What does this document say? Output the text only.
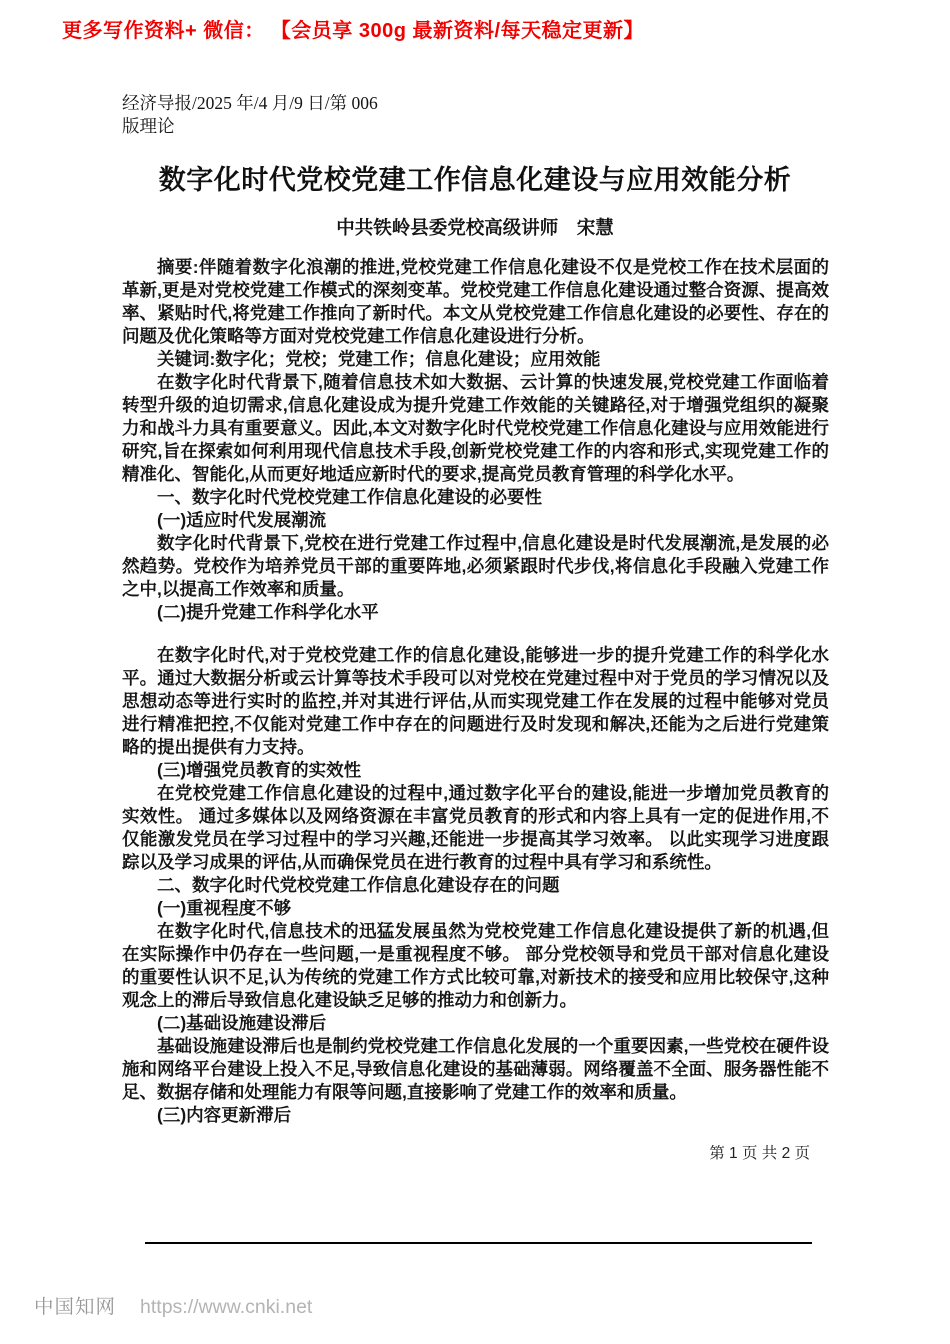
更多写作资料+ 微信： 【会员享 300g 最新资料/每天稳定更新】
经济导报/2025 年/4 月/9 日/第 006
版理论
数字化时代党校党建工作信息化建设与应用效能分析
中共铁岭县委党校高级讲师　宋慧

摘要:伴随着数字化浪潮的推进,党校党建工作信息化建设不仅是党校工作在技术层面的革新,更是对党校党建工作模式的深刻变革。党校党建工作信息化建设通过整合资源、提高效率、紧贴时代,将党建工作推向了新时代。本文从党校党建工作信息化建设的必要性、存在的问题及优化策略等方面对党校党建工作信息化建设进行分析。

关键词:数字化；党校；党建工作；信息化建设；应用效能

在数字化时代背景下,随着信息技术如大数据、云计算的快速发展,党校党建工作面临着转型升级的迫切需求,信息化建设成为提升党建工作效能的关键路径,对于增强党组织的凝聚力和战斗力具有重要意义。因此,本文对数字化时代党校党建工作信息化建设与应用效能进行研究,旨在探索如何利用现代信息技术手段,创新党校党建工作的内容和形式,实现党建工作的精准化、智能化,从而更好地适应新时代的要求,提高党员教育管理的科学化水平。

一、数字化时代党校党建工作信息化建设的必要性

(一)适应时代发展潮流

数字化时代背景下,党校在进行党建工作过程中,信息化建设是时代发展潮流,是发展的必然趋势。党校作为培养党员干部的重要阵地,必须紧跟时代步伐,将信息化手段融入党建工作之中,以提高工作效率和质量。

(二)提升党建工作科学化水平

在数字化时代,对于党校党建工作的信息化建设,能够进一步的提升党建工作的科学化水平。通过大数据分析或云计算等技术手段可以对党校在党建过程中对于党员的学习情况以及思想动态等进行实时的监控,并对其进行评估,从而实现党建工作在发展的过程中能够对党员进行精准把控,不仅能对党建工作中存在的问题进行及时发现和解决,还能为之后进行党建策略的提出提供有力支持。

(三)增强党员教育的实效性

在党校党建工作信息化建设的过程中,通过数字化平台的建设,能进一步增加党员教育的实效性。 通过多媒体以及网络资源在丰富党员教育的形式和内容上具有一定的促进作用,不仅能激发党员在学习过程中的学习兴趣,还能进一步提高其学习效率。 以此实现学习进度跟踪以及学习成果的评估,从而确保党员在进行教育的过程中具有学习和系统性。

二、数字化时代党校党建工作信息化建设存在的问题

(一)重视程度不够

在数字化时代,信息技术的迅猛发展虽然为党校党建工作信息化建设提供了新的机遇,但在实际操作中仍存在一些问题,一是重视程度不够。 部分党校领导和党员干部对信息化建设的重要性认识不足,认为传统的党建工作方式比较可靠,对新技术的接受和应用比较保守,这种观念上的滞后导致信息化建设缺乏足够的推动力和创新力。

(二)基础设施建设滞后

基础设施建设滞后也是制约党校党建工作信息化发展的一个重要因素,一些党校在硬件设施和网络平台建设上投入不足,导致信息化建设的基础薄弱。网络覆盖不全面、服务器性能不足、数据存储和处理能力有限等问题,直接影响了党建工作的效率和质量。

(三)内容更新滞后

第 1 页 共 2 页
中国知网 https://www.cnki.net
